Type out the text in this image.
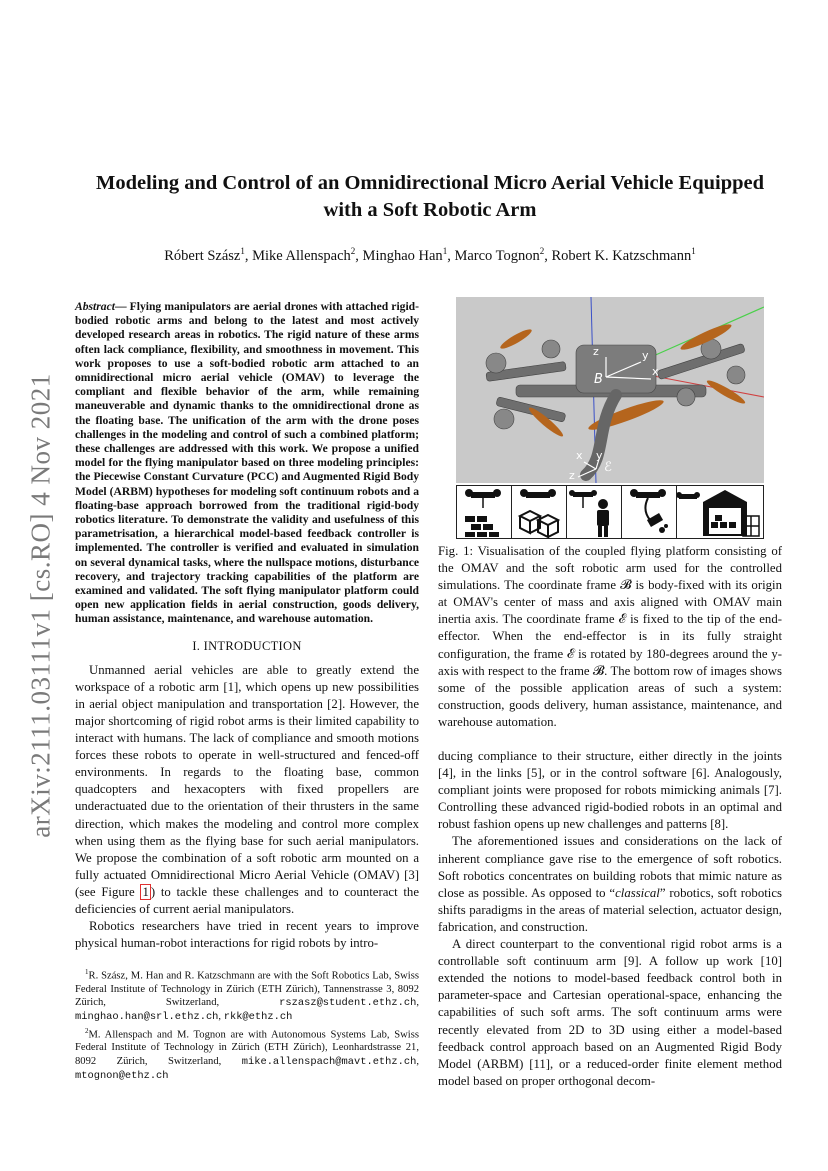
arXiv:2111.03111v1 [cs.RO] 4 Nov 2021
Modeling and Control of an Omnidirectional Micro Aerial Vehicle Equipped with a Soft Robotic Arm
Róbert Szász$^1$, Mike Allenspach$^2$, Minghao Han$^1$, Marco Tognon$^2$, Robert K. Katzschmann$^1$

Abstract— Flying manipulators are aerial drones with attached rigid-bodied robotic arms and belong to the latest and most actively developed research areas in robotics. The rigid nature of these arms often lack compliance, flexibility, and smoothness in movement. This work proposes to use a soft-bodied robotic arm attached to an omnidirectional micro aerial vehicle (OMAV) to leverage the compliant and flexible behavior of the arm, while remaining maneuverable and dynamic thanks to the omnidirectional drone as the floating base. The unification of the arm with the drone poses challenges in the modeling and control of such a combined platform; these challenges are addressed with this work. We propose a unified model for the flying manipulator based on three modeling principles: the Piecewise Constant Curvature (PCC) and Augmented Rigid Body Model (ARBM) hypotheses for modeling soft continuum robots and a floating-base approach borrowed from the traditional rigid-body robotics literature. To demonstrate the validity and usefulness of this parametrisation, a hierarchical model-based feedback controller is implemented. The controller is verified and evaluated in simulation on several dynamical tasks, where the nullspace motions, disturbance recovery, and trajectory tracking capabilities of the platform are examined and validated. The soft flying manipulator platform could open new application fields in aerial construction, goods delivery, human assistance, maintenance, and warehouse automation.

I. INTRODUCTION

Unmanned aerial vehicles are able to greatly extend the workspace of a robotic arm [1], which opens up new possibilities in aerial object manipulation and transportation [2]. However, the major shortcoming of rigid robot arms is their limited capability to interact with humans. The lack of compliance and smooth motions forces these robots to operate in well-structured and fenced-off environments. In regards to the floating base, common quadcopters and hexacopters with fixed propellers are underactuated due to the orientation of their thrusters in the same direction, which makes the modeling and control more complex when using them as the flying base for such aerial manipulators. We propose the combination of a soft robotic arm mounted on a fully actuated Omnidirectional Micro Aerial Vehicle (OMAV) [3] (see Figure 1 ) to tackle these challenges and to counteract the deficiencies of current aerial manipulators.

Robotics researchers have tried in recent years to improve physical human-robot interactions for rigid robots by intro-

$^1$R. Szász, M. Han and R. Katzschmann are with the Soft Robotics Lab, Swiss Federal Institute of Technology in Zürich (ETH Zürich), Tannenstrasse 3, 8092 Zürich, Switzerland, rszasz@student.ethz.ch, minghao.han@srl.ethz.ch, rkk@ethz.ch

$^2$M. Allenspach and M. Tognon are with Autonomous Systems Lab, Swiss Federal Institute of Technology in Zürich (ETH Zürich), Leonhardstrasse 21, 8092 Zürich, Switzerland, mike.allenspach@mavt.ethz.ch, mtognon@ethz.ch

z	y
x
B
x y
z
ℰ

Fig. 1: Visualisation of the coupled flying platform consisting of the OMAV and the soft robotic arm used for the controlled simulations. The coordinate frame 𝓑 is body-fixed with its origin at OMAV's center of mass and axis aligned with OMAV main inertia axis. The coordinate frame ℰ is fixed to the tip of the end-effector. When the end-effector is in its fully straight configuration, the frame ℰ is rotated by 180-degrees around the y-axis with respect to the frame 𝓑. The bottom row of images shows some of the possible application areas of such a system: construction, goods delivery, human assistance, maintenance, and warehouse automation.

ducing compliance to their structure, either directly in the joints [4], in the links [5], or in the control software [6]. Analogously, compliant joints were proposed for robots mimicking animals [7]. Controlling these advanced rigid-bodied robots in an optimal and robust fashion opens up new challenges and patterns [8].

The aforementioned issues and considerations on the lack of inherent compliance gave rise to the emergence of soft robotics. Soft robotics concentrates on building robots that mimic nature as close as possible. As opposed to “classical” robotics, soft robotics shifts paradigms in the areas of material selection, actuator design, fabrication, and construction.

A direct counterpart to the conventional rigid robot arms is a controllable soft continuum arm [9]. A follow up work [10] extended the notions to model-based feedback control both in parameter-space and Cartesian operational-space, enhancing the capabilities of such soft arms. The soft continuum arms were recently elevated from 2D to 3D using either a model-based feedback control approach based on an Augmented Rigid Body Model (ARBM) [11], or a reduced-order finite element method model based on proper orthogonal decom-
